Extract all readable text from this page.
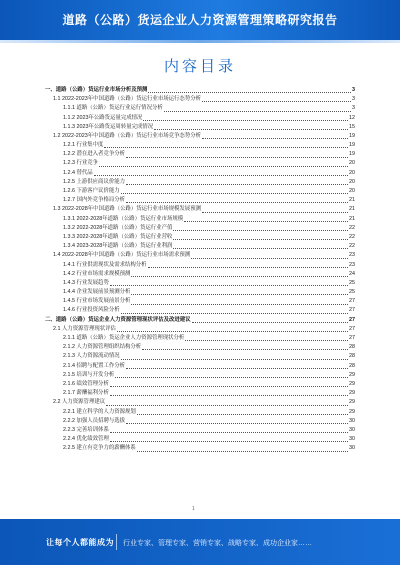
道路（公路）货运企业人力资源管理策略研究报告
内容目录
一、道路（公路）货运行业市场分析及预测	3
1.1 2022-2023年中国道路（公路）货运行业市场运行态势分析	3
1.1.1 道路（公路）货运行业运行情况分析	3
1.1.2 2023年公路货运量完成情况	12
1.1.3 2023年公路货运周转量完成情况	15
1.2 2022-2023年中国道路（公路）货运行业市场竞争态势分析	19
1.2.1 行业集中度	19
1.2.2 潜在进入者竞争分析	19
1.2.3 行业竞争	20
1.2.4 替代品	20
1.2.5 上游供应商议价能力	20
1.2.6 下游客户议价能力	20
1.2.7 国内外竞争格局分析	21
1.3 2022-2028年中国道路（公路）货运行业市场规模发展预测	21
1.3.1 2022-2028年道路（公路）货运行业市场规模	21
1.3.2 2022-2028年道路（公路）货运行业产值	22
1.3.3 2022-2028年道路（公路）货运行业营收	22
1.3.4 2023-2028年道路（公路）货运行业利润	22
1.4 2022-2028年中国道路（公路）货运行业市场需求预测	23
1.4.1 行业供需现状及需求结构分析	23
1.4.2 行业市场需求规模预测	24
1.4.3 行业发展趋势	25
1.4.4 企业发展前景预测分析	25
1.4.5 行业市场发展前景分析	27
1.4.6 行业投资风险分析	27
二、道路（公路）货运企业人力资源管理现状评估及改进建议	27
2.1 人力资源管理现状评估	27
2.1.1 道路（公路）货运企业人力资源管理现状分析	27
2.1.2 人力资源管理组织结构分析	28
2.1.3 人力资源流动情况	28
2.1.4 招聘与配置工作分析	28
2.1.5 培训与开发分析	29
2.1.6 绩效管理分析	29
2.1.7 薪酬福利分析	29
2.2 人力资源管理建议	29
2.2.1 建立科学的人力资源规划	29
2.2.2 加强人员招聘与选拔	30
2.2.3 完善培训体系	30
2.2.4 优化绩效管理	30
2.2.5 建立有竞争力的薪酬体系	30
1
让每个人都能成为 行业专家、管理专家、营销专家、战略专家、成功企业家……
